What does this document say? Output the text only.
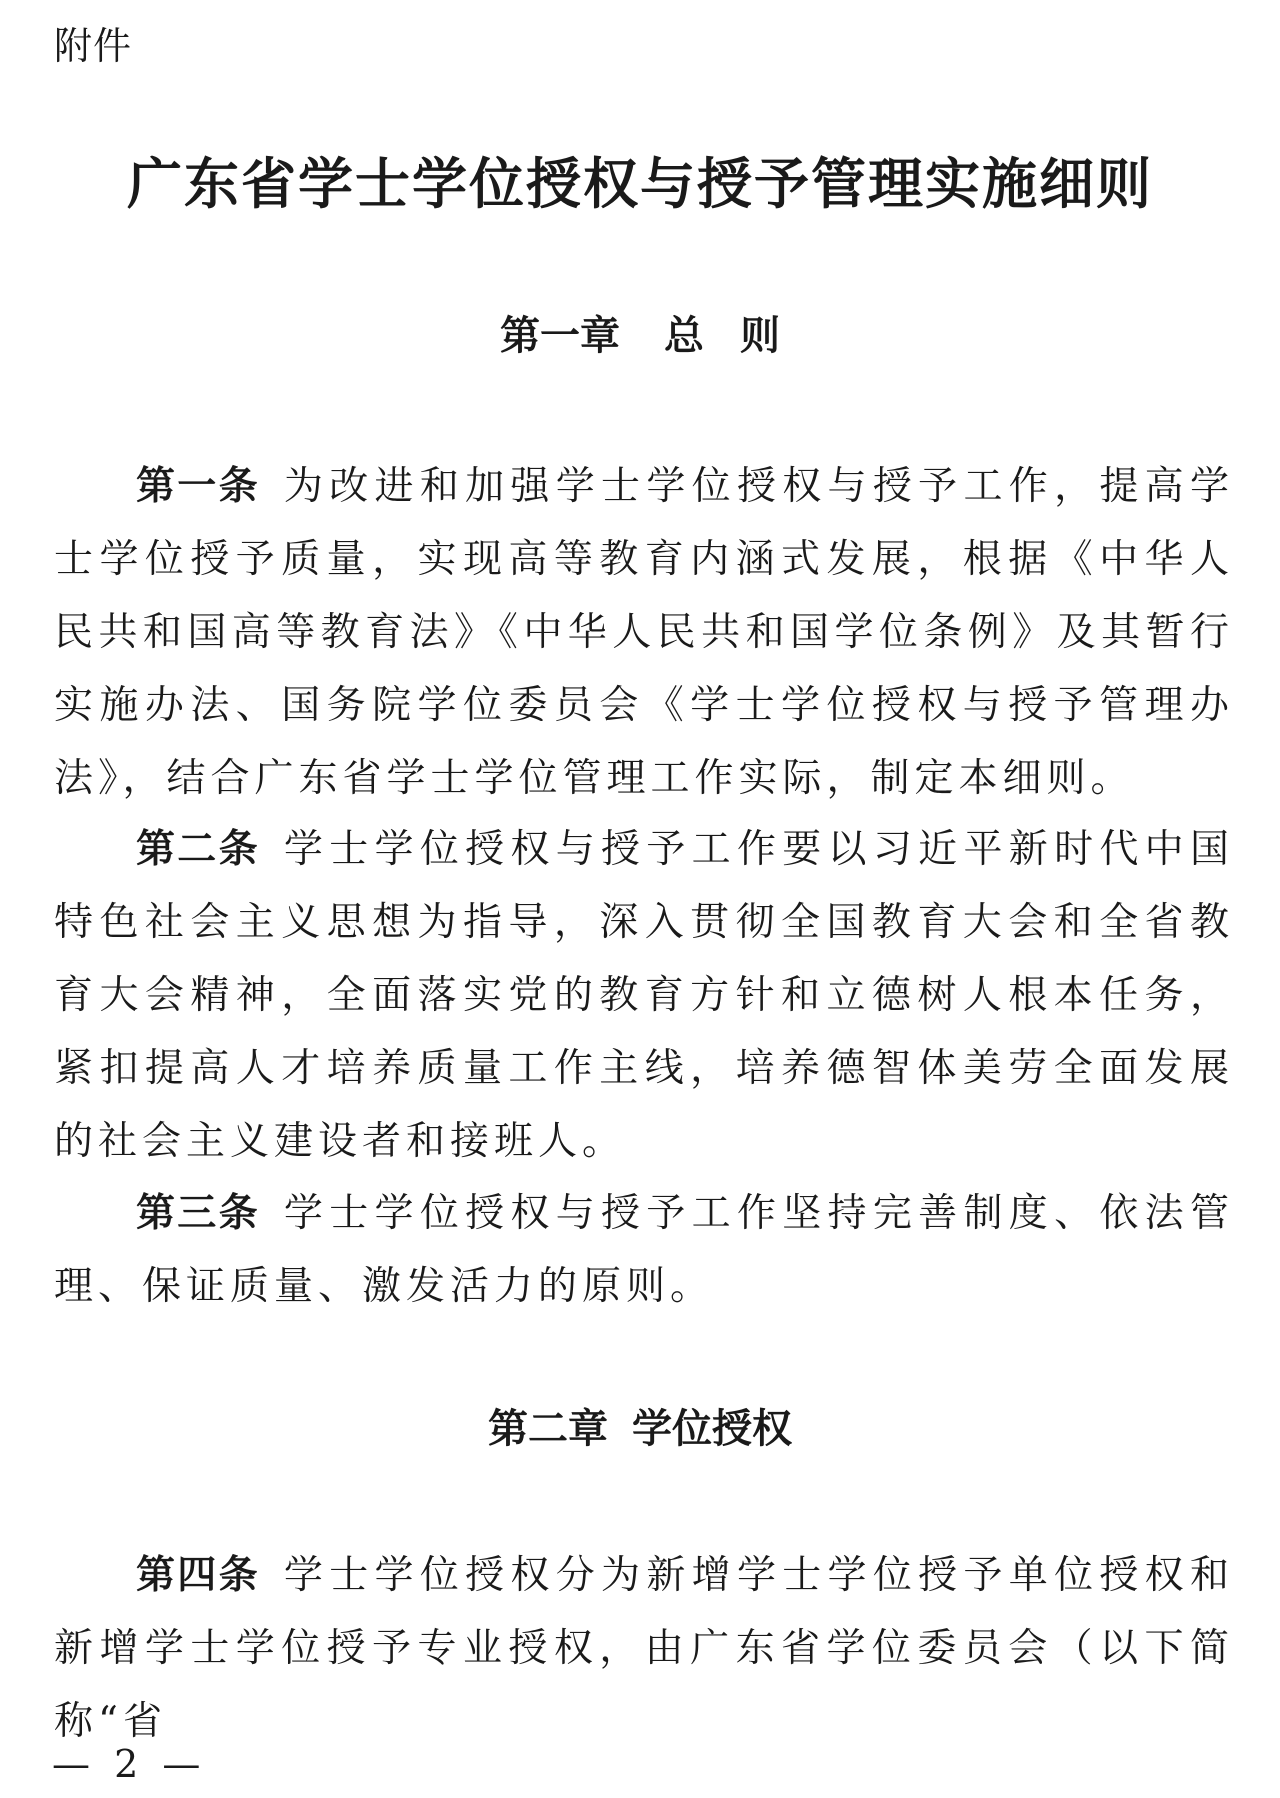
附件
广东省学士学位授权与授予管理实施细则
第一章 总则

第一条 为改进和加强学士学位授权与授予工作，提高学士学位授予质量，实现高等教育内涵式发展，根据《中华人民共和国高等教育法》《中华人民共和国学位条例》及其暂行实施办法、国务院学位委员会《学士学位授权与授予管理办法》，结合广东省学士学位管理工作实际，制定本细则。

第二条 学士学位授权与授予工作要以习近平新时代中国特色社会主义思想为指导，深入贯彻全国教育大会和全省教育大会精神，全面落实党的教育方针和立德树人根本任务，紧扣提高人才培养质量工作主线，培养德智体美劳全面发展的社会主义建设者和接班人。

第三条 学士学位授权与授予工作坚持完善制度、依法管理、保证质量、激发活力的原则。

第二章 学位授权

第四条 学士学位授权分为新增学士学位授予单位授权和新增学士学位授予专业授权，由广东省学位委员会（以下简称“省

— 2 —
